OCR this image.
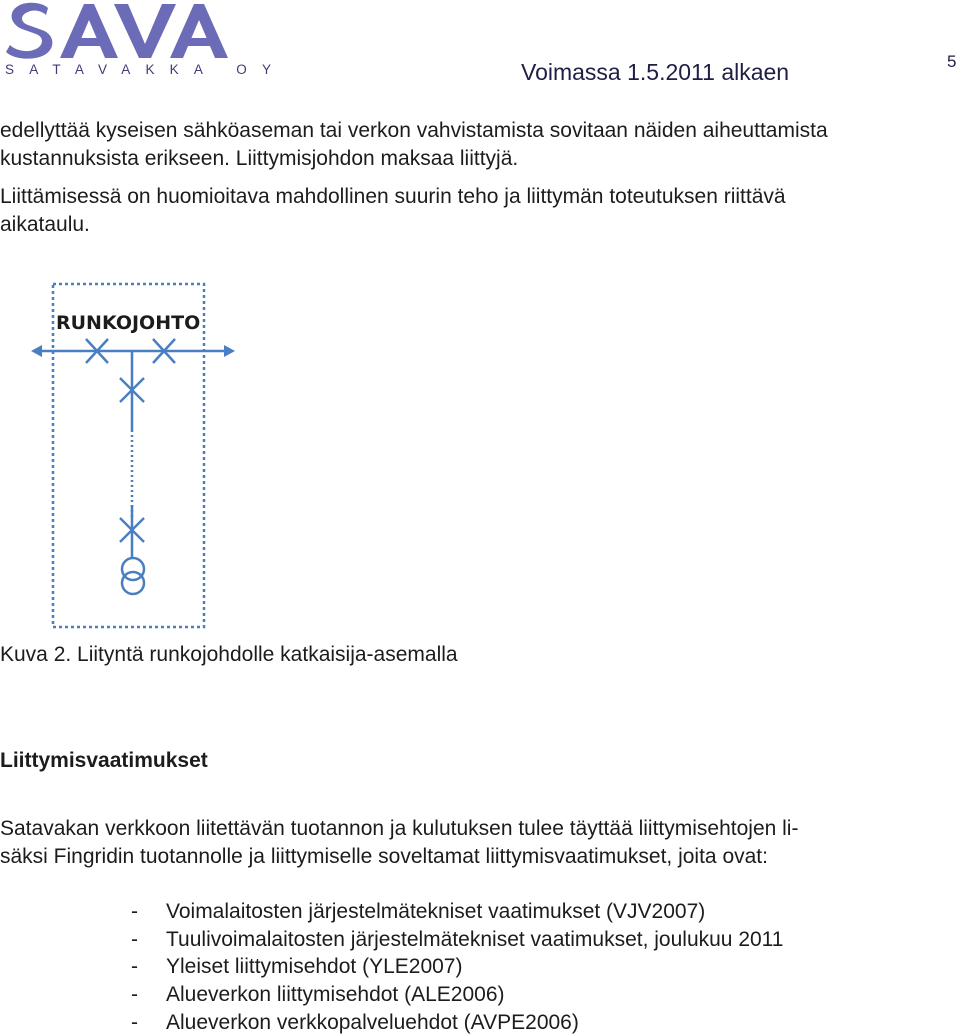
SATAVAKKA OY	Voimassa 1.5.2011 alkaen	5
edellyttää kyseisen sähköaseman tai verkon vahvistamista sovitaan näiden aiheuttamista
kustannuksista erikseen. Liittymisjohdon maksaa liittyjä.
Liittämisessä on huomioitava mahdollinen suurin teho ja liittymän toteutuksen riittävä
aikataulu.
RUNKOJOHTO
Kuva 2. Liityntä runkojohdolle katkaisija-asemalla
Liittymisvaatimukset
Satavakan verkkoon liitettävän tuotannon ja kulutuksen tulee täyttää liittymisehtojen li-
säksi Fingridin tuotannolle ja liittymiselle soveltamat liittymisvaatimukset, joita ovat:
- Voimalaitosten järjestelmätekniset vaatimukset (VJV2007)
- Tuulivoimalaitosten järjestelmätekniset vaatimukset, joulukuu 2011
- Yleiset liittymisehdot (YLE2007)
- Alueverkon liittymisehdot (ALE2006)
- Alueverkon verkkopalveluehdot (AVPE2006)
